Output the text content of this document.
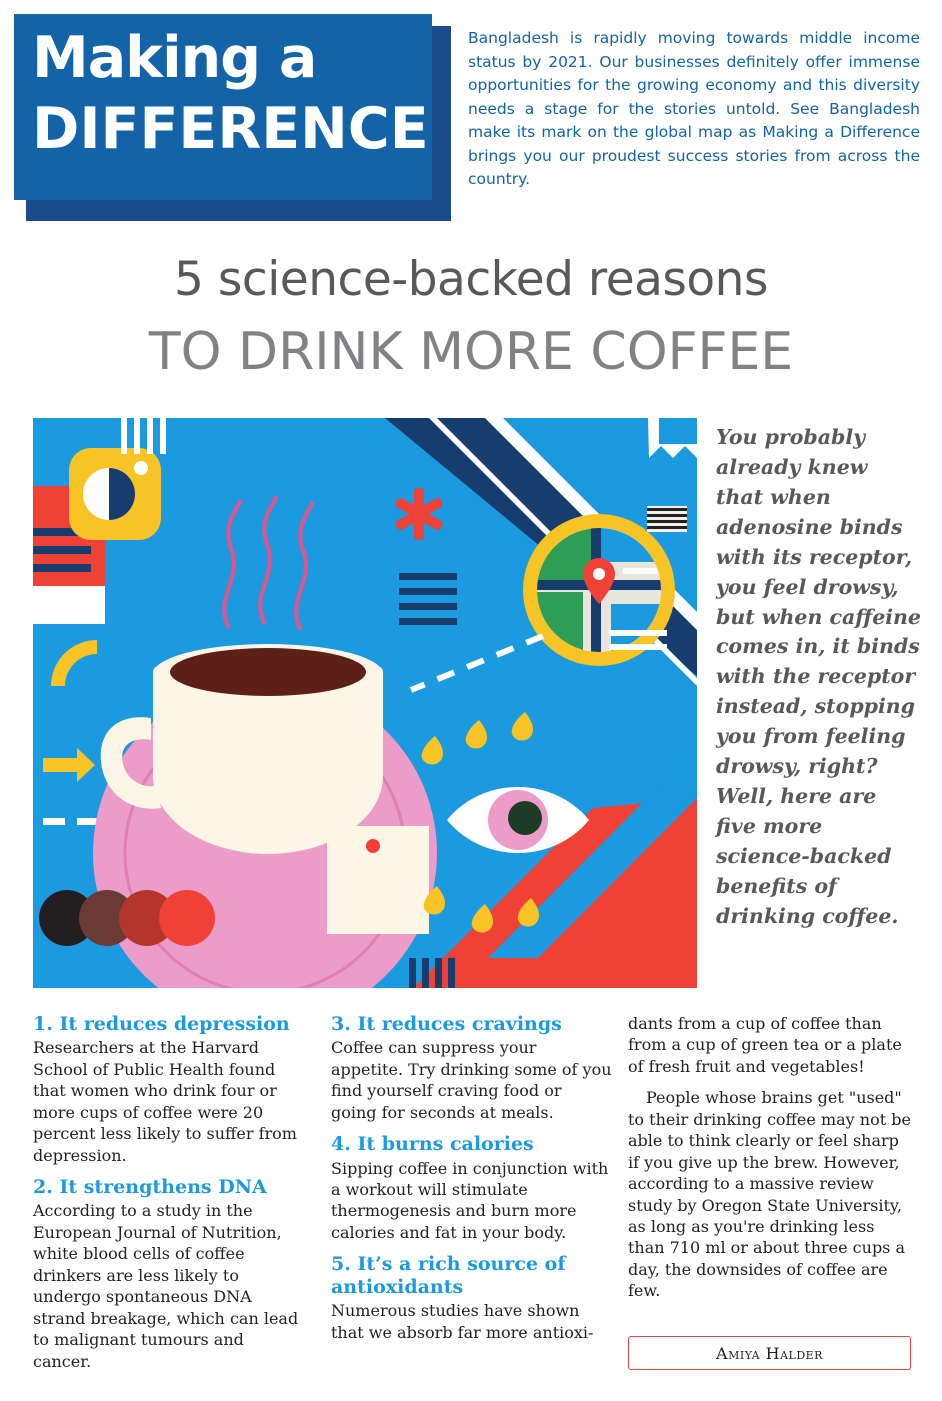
Making a
DIFFERENCE
Bangladesh is rapidly moving towards middle income status by 2021. Our businesses definitely offer immense opportunities for the growing economy and this diversity needs a stage for the stories untold. See Bangladesh make its mark on the global map as Making a Difference brings you our proudest success stories from across the country.
5 science-backed reasons
TO DRINK MORE COFFEE
You probably already knew that when adenosine binds with its receptor, you feel drowsy, but when caffeine comes in, it binds with the receptor instead, stopping you from feeling drowsy, right? Well, here are five more science-backed benefits of drinking coffee.
1. It reduces depression

Researchers at the Harvard School of Public Health found that women who drink four or more cups of coffee were 20 percent less likely to suffer from depression.

2. It strengthens DNA

According to a study in the European Journal of Nutrition, white blood cells of coffee drinkers are less likely to undergo spontaneous DNA strand breakage, which can lead to malignant tumours and cancer.

3. It reduces cravings

Coffee can suppress your appetite. Try drinking some of you find yourself craving food or going for seconds at meals.

4. It burns calories

Sipping coffee in conjunction with a workout will stimulate thermogenesis and burn more calories and fat in your body.

5. It’s a rich source of antioxidants

Numerous studies have shown that we absorb far more antioxi-

dants from a cup of coffee than from a cup of green tea or a plate of fresh fruit and vegetables!

People whose brains get "used" to their drinking coffee may not be able to think clearly or feel sharp if you give up the brew. However, according to a massive review study by Oregon State University, as long as you're drinking less than 710 ml or about three cups a day, the downsides of coffee are few.

Amiya Halder
